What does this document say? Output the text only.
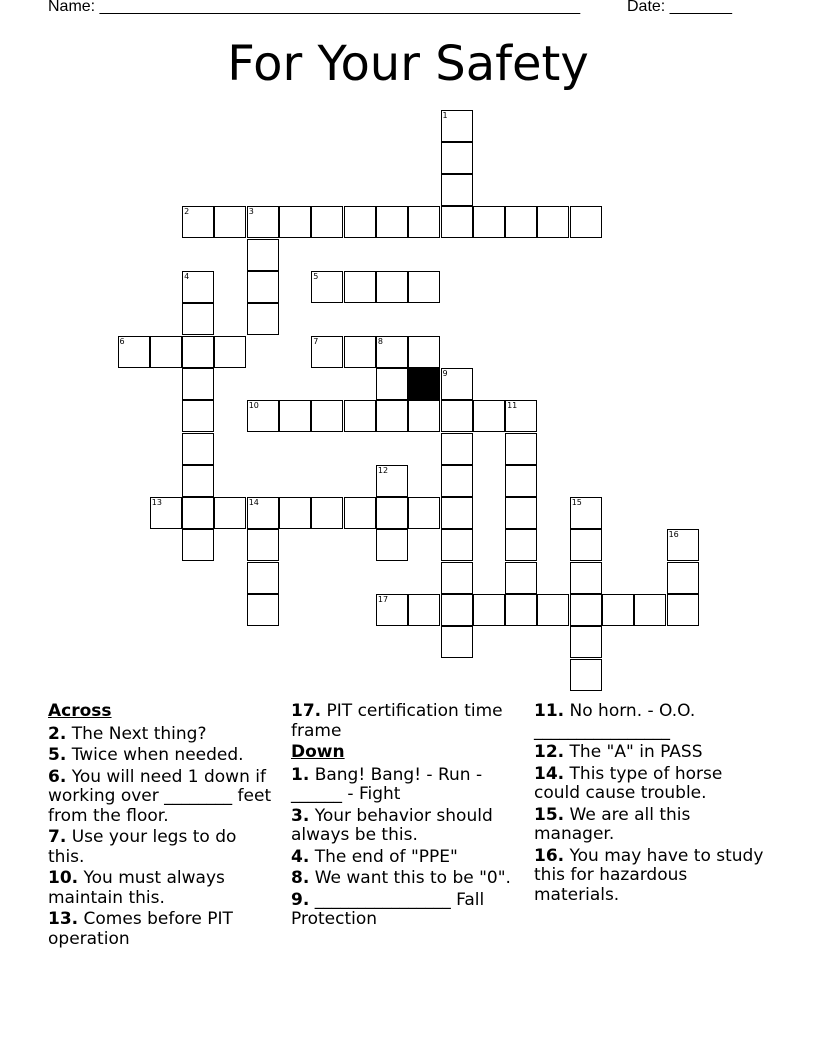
Name: ______________________________________________________	Date: _______
For Your Safety
1
2	3
4	5
6	7	8
9
10	11
12
13	14	15
16
17
Across
2. The Next thing?
5. Twice when needed.
6. You will need 1 down if working over ________ feet from the floor.
7. Use your legs to do this.
10. You must always maintain this.
13. Comes before PIT operation
17. PIT certification time frame
Down
1. Bang! Bang! - Run - ______ - Fight
3. Your behavior should always be this.
4. The end of "PPE"
8. We want this to be "0".
9. ________________ Fall Protection
11. No horn. - O.O. ________________
12. The "A" in PASS
14. This type of horse could cause trouble.
15. We are all this manager.
16. You may have to study this for hazardous materials.
